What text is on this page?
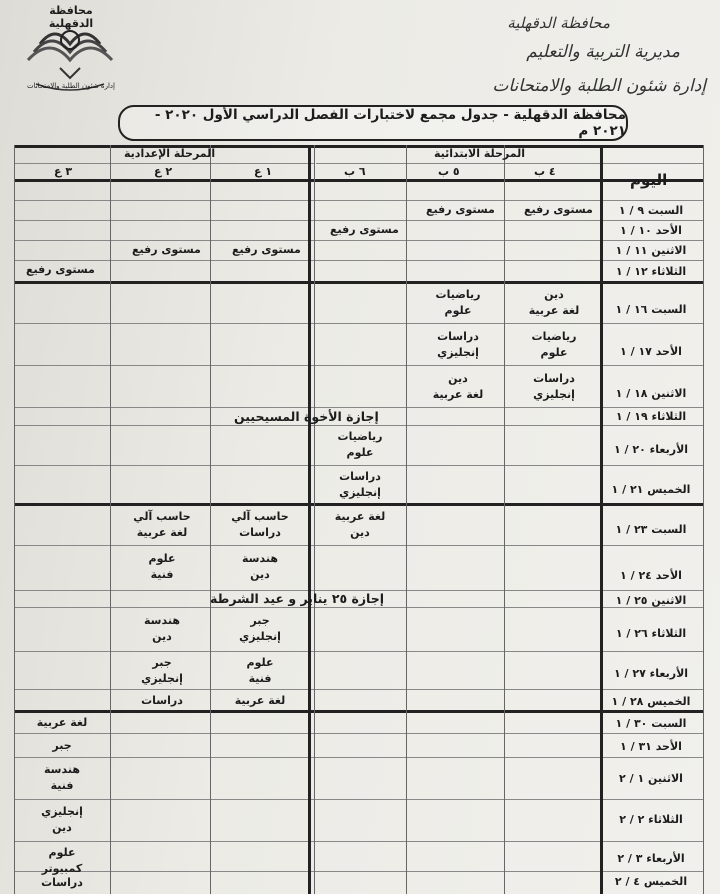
محافظة الدقهلية
إدارة شئون الطلبة والامتحانات
محافظة الدقهلية
مديرية التربية والتعليم
إدارة شئون الطلبة والامتحانات
محافظة الدقهلية - جدول مجمع لاختبارات الفصل الدراسي الأول ٢٠٢٠ - ٢٠٢١ م
المرحلة الابتدائية
المرحلة الإعدادية
اليوم
٤ ب
٥ ب
٦ ب
١ ع
٢ ع
٣ ع
السبت ٩ / ١
الأحد ١٠ / ١
الاثنين ١١ / ١
الثلاثاء ١٢ / ١
السبت ١٦ / ١
الأحد ١٧ / ١
الاثنين ١٨ / ١
الثلاثاء ١٩ / ١
الأربعاء ٢٠ / ١
الخميس ٢١ / ١
السبت ٢٣ / ١
الأحد ٢٤ / ١
الاثنين ٢٥ / ١
الثلاثاء ٢٦ / ١
الأربعاء ٢٧ / ١
الخميس ٢٨ / ١
السبت ٣٠ / ١
الأحد ٣١ / ١
الاثنين ١ / ٢
الثلاثاء ٢ / ٢
الأربعاء ٣ / ٢
الخميس ٤ / ٢
مستوى رفيع
مستوى رفيع
مستوى رفيع
مستوى رفيع
مستوى رفيع
مستوى رفيع
دين
لغة عربية
رياضيات
علوم
دراسات
إنجليزي
رياضيات
علوم
دراسات
إنجليزي
دين
لغة عربية
إجازة الأخوة المسيحيين
رياضيات
علوم
دراسات
إنجليزي
لغة عربية
دين
حاسب آلي
دراسات
هندسة
دين
جبر
إنجليزي
علوم
فنية
لغة عربية
حاسب آلي
لغة عربية
علوم
فنية
هندسة
دين
جبر
إنجليزي
دراسات
إجازة ٢٥ يناير و عيد الشرطة
لغة عربية
جبر
هندسة
فنية
إنجليزي
دين
علوم
كمبيوتر
دراسات
